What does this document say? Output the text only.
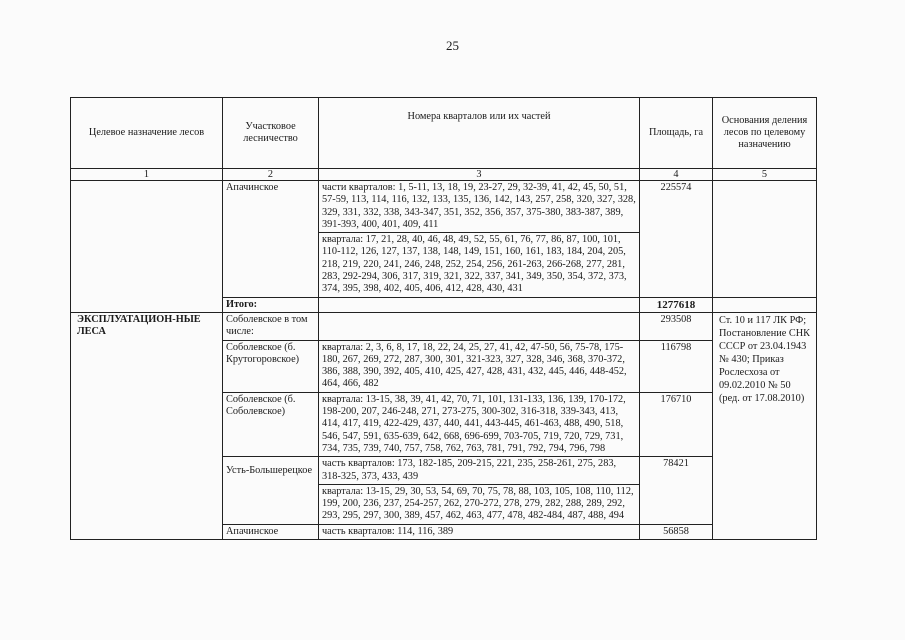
25
Целевое назначение лесов	Участковое лесничество	Номера кварталов или их частей	Площадь, га	Основания деления лесов по целевому назначению
1	2	3	4	5
	Апачинское	части кварталов: 1, 5-11, 13, 18, 19, 23-27, 29, 32-39, 41, 42, 45, 50, 51, 57-59, 113, 114, 116, 132, 133, 135, 136, 142, 143, 257, 258, 320, 327, 328, 329, 331, 332, 338, 343-347, 351, 352, 356, 357, 375-380, 383-387, 389, 391-393, 400, 401, 409, 411	225574	
		квартала: 17, 21, 28, 40, 46, 48, 49, 52, 55, 61, 76, 77, 86, 87, 100, 101, 110-112, 126, 127, 137, 138, 148, 149, 151, 160, 161, 183, 184, 204, 205, 218, 219, 220, 241, 246, 248, 252, 254, 256, 261-263, 266-268, 277, 281, 283, 292-294, 306, 317, 319, 321, 322, 337, 341, 349, 350, 354, 372, 373, 374, 395, 398, 402, 405, 406, 412, 428, 430, 431		
	Итого:		1277618	
ЭКСПЛУАТАЦИОН-НЫЕ ЛЕСА	Соболевское в том числе:		293508	Ст. 10 и 117 ЛК РФ; Постановление СНК СССР от 23.04.1943 № 430; Приказ Рослесхоза от 09.02.2010 № 50 (ред. от 17.08.2010)
	Соболевское (б. Крутогоровское)	квартала: 2, 3, 6, 8, 17, 18, 22, 24, 25, 27, 41, 42, 47-50, 56, 75-78, 175-180, 267, 269, 272, 287, 300, 301, 321-323, 327, 328, 346, 368, 370-372, 386, 388, 390, 392, 405, 410, 425, 427, 428, 431, 432, 445, 446, 448-452, 464, 466, 482	116798	
	Соболевское (б. Соболевское)	квартала: 13-15, 38, 39, 41, 42, 70, 71, 101, 131-133, 136, 139, 170-172, 198-200, 207, 246-248, 271, 273-275, 300-302, 316-318, 339-343, 413, 414, 417, 419, 422-429, 437, 440, 441, 443-445, 461-463, 488, 490, 518, 546, 547, 591, 635-639, 642, 668, 696-699, 703-705, 719, 720, 729, 731, 734, 735, 739, 740, 757, 758, 762, 763, 781, 791, 792, 794, 796, 798	176710	
	Усть-Большерецкое	часть кварталов: 173, 182-185, 209-215, 221, 235, 258-261, 275, 283, 318-325, 373, 433, 439	78421	
		квартала: 13-15, 29, 30, 53, 54, 69, 70, 75, 78, 88, 103, 105, 108, 110, 112, 199, 200, 236, 237, 254-257, 262, 270-272, 278, 279, 282, 288, 289, 292, 293, 295, 297, 300, 389, 457, 462, 463, 477, 478, 482-484, 487, 488, 494		
	Апачинское	часть кварталов: 114, 116, 389	56858	
